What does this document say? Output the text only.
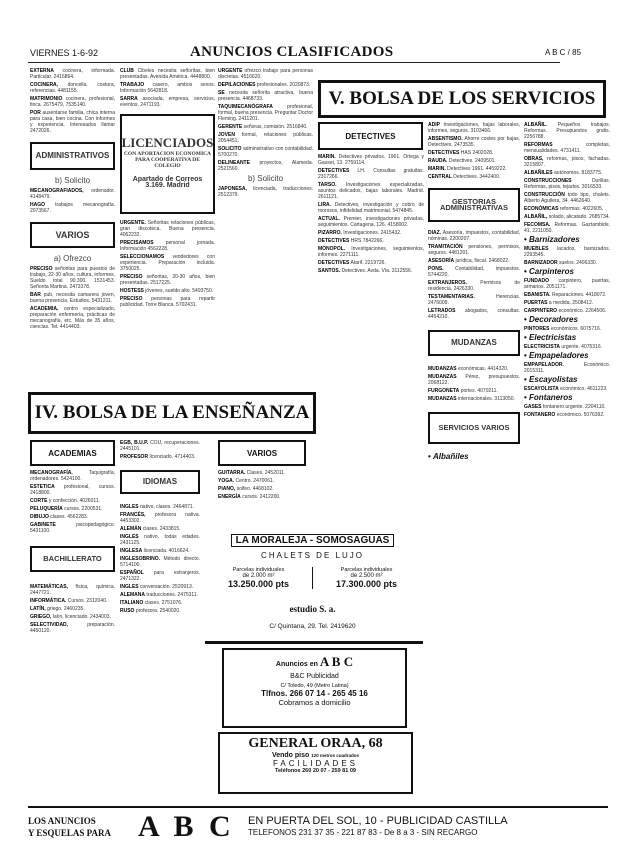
VIERNES 1-6-92	ANUNCIOS CLASIFICADOS	A B C / 85
EXTERNA cocinera, informada. Particular. 2416864.
COCINERA, doncella, costura, referencias. 4481155.
MATRIMONIO cocinera, profesional, finca. 2675479, 7535140.
POR ausentarse familia, chica interna para casa, bien cocina. Con informes y experiencia. Interesados llamar 2472026.
ADMINISTRATIVOS
b) Solicito
MECANOGRAFIADOS, ordenador. 4148479.
HAGO trabajos mecanografía. 2073567.
VARIOS
a) Ofrezco
PRECISO señoritas para puestos de trabajo, 22-30 años, cultura, informes. Sueldo total 90.300. 1531453. Señorita Martina. 2473378.
BAR pub, necesita camarera joven, buena presencia. Estudios. 5431211.
ACADEMIA, centro especializado, preparación enfermería, prácticas de mecanografía, etc. Más de 35 años, ciencias. Tel. 4414403.
CLUB Cibeles necesita señoritas, bien presentadas. Avenida América. 4448800.
TRABAJO casero, ambos sexos. Información 5642818.
SARRA asociada, empresa, servicios, eventos. 2471193.
LICENCIADOS
CON APORTACION ECONOMICA
PARA COOPERATIVA DE COLEGIO
Apartado de Correos
3.169. Madrid
URGENTE. Señoritas relaciones públicas, gran discoteca. Buena presencia. 4062232.
PRECISAMOS personal jornada. Información 4562228.
SELECCIONAMOS vendedores con experiencia. Preparación incluida. 3750025.
PRECISO señoritas, 20-30 años, bien presentadas. 2517225.
HOSTESS jóvenes, sueldo alto. 5493750.
PRECISO personas para repartir publicidad. Torre Blanca. 5702431.
URGENTE ofrezco trabajo para personas discretas. 4516620.
DEPILACIONES profesionales. 2020873.
SE necesita señorita atractiva, buena presencia. 4468733.
TAQUIMECANÓGRAFA	profesional, formal, buena presencia. Preguntar Doctor Fleming. 2411201.
GERENTE señoras, comisión. 2516840.
JOVEN formal, relaciones públicas. 2054451.
SOLICITO administrativo con contabilidad. 5700270.
DELINEANTE proyectos, Alameda. 2521560.
b) Solicito
JAPONESA, licenciada, traducciones. 2512379.
V. BOLSA DE LOS SERVICIOS
DETECTIVES
MARIN. Detectives privados. 1961. Ortega y Gasset, 13. 2759114.
DETECTIVES LH. Consultas gratuitas. 2317266.
TARSO. Investigaciones especializadas, asuntos delicados, bajas laborales. Madrid. 2611121.
LIRA. Detectives, investigación y cobro de morosos, infidelidad matrimonial. 5474845.
ACTUAL. Premier, investigaciones privadas, seguimientos. Cartagena, 126. 4158002.
PIZARRO. Investigaciones. 2415432.
DETECTIVES HRS 7842266.
MONOPOL. Investigaciones, seguimientos, informes. 2271111.
DETECTIVES Atarif. 2219726.
SANTOS. Detectives. Avda. Vía. 3112556.
ADIP Investigaciones, bajas laborales, informes, seguros. 3103466.
ABSENTISMO. Ahorre costes por bajas. Detectives. 2473535.
DETECTIVES HAS 2402028.
RAUDA. Detectives. 2409501.
MARIN. Detectives 1961. 4459222.
CENTRAL Detectives. 3442400.
GESTORIAS ADMINISTRATIVAS
DIAZ. Asesoría, impuestos, contabilidad, nóminas. 2200207.
TRAMITACIÓN pensiones, permisos, seguros. 4481201.
ASESORÍA jurídica, fiscal. 2468022.
PONS. Contabilidad, impuestos. 5744220.
EXTRANJEROS.	Permisos de residencia. 2426330.
TESTAMENTARIAS.	Herencias. 2476009.
LETRADOS abogados, consultas. 4454210.
MUDANZAS
MUDANZAS económicas. 4414320.
MUDANZAS Pérez, presupuestos. 2068122.
FURGONETA portes. 4070211.
MUDANZAS internacionales. 3113050.
SERVICIOS VARIOS
• Albañiles
ALBAÑIL. Pequeños trabajos. Reformas. Presupuestos gratis. 2256788.
REFORMAS	completas, mensualidades. 4731411.
OBRAS, reformas, pisos, fachadas. 3215807.
ALBAÑILES autónomos. 8183775.
CONSTRUCCIONES	Durillas. Reformas, pisos, tejados. 3016533.
CONSTRUCCIÓN todo tipo, chalets. Alberto Aguilera, 34. 4462640.
ECONÓMICAS reformas. 4022605.
ALBAÑIL, solado, alicatado. 2685734.
FECOMSA. Reformas. Gaztambide, 41. 2211050.
• Barnizadores
MUEBLES lacados, barnizados. 2293545.
BARNIZADOR suelos. 2406330.
• Carpinteros
FUNDADO carpintero, puertas, armarios. 2051171.
EBANISTA. Reparaciones. 4418072.
PUERTAS a medida. 2508412.
CARPINTERO económico. 2264506.
• Decoradores
PINTORES económicos. 6075716.
• Electricistas
ELECTRICISTA urgente. 4075316.
• Empapeladores
EMPAPELADOR.	Económico. 2015311.
• Escayolistas
ESCAYOLISTA económico. 4611223.
• Fontaneros
GASES fontanero urgente. 2204110.
FONTANERO económico. 5076392.
IV. BOLSA DE LA ENSEÑANZA
ACADEMIAS
MECANOGRAFÍA.	Taquigrafía, ordenadores. 5424100.
ESTETICA profesional, cursos. 2418800.
CORTE y confección. 4026011.
PELUQUERÍA cursos. 2200531.
DIBUJO clases. 4562283.
GABINETE	psicopedagógico. 5431100.
BACHILLERATO
MATEMÁTICAS, física, química. 2447721.
INFORMÁTICA. Cursos. 2312040.
LATÍN, griego. 2460235.
GRIEGO, latín, licenciado. 2434003.
SELECTIVIDAD,	preparación. 4450120.
EGB, B.U.P. COU, recuperaciones. 2445101.
PROFESOR licenciado. 4714403.
IDIOMAS
INGLES nativo, clases. 2464871.
FRANCÉS, profesora nativa. 4453302.
ALEMÁN clases. 2433815.
INGLES nativo, todas edades. 2431125.
INGLESA licenciada. 4016624.
INGLESOBRINO. Método directo. 5714100.
ESPAÑOL para extranjeros. 2471322.
INGLES conversación. 2520913.
ALEMANA traducciones. 2475311.
ITALIANO clases. 2751076.
RUSO profesora. 2540020.
VARIOS
GUITARRA. Clases. 2452011.
YOGA. Centro. 2470061.
PIANO, solfeo. 4468102.
ENERGÍA cursos. 2412200.
LA MORALEJA - SOMOSAGUAS
CHALETS DE LUJO
Parcelas individuales
de 2.000 m²
13.250.000 pts
Parcelas individuales
de 2.500 m²
17.300.000 pts
estudio S. a.
C/ Quintana, 29. Tel. 2419620
Anuncios en A B C
B&C Publicidad
C/ Toledo, 49 (Metro Latina)
Tlfnos. 266 07 14 - 265 45 16
Cobramos a domicilio
GENERAL ORAA, 68
Vendo piso 120 metros cuadrados
FACILIDADES
Teléfonos 260 20 07 - 259 81 09
LOS ANUNCIOS
Y ESQUELAS PARA A B C	EN PUERTA DEL SOL, 10 - PUBLICIDAD CASTILLA
TELEFONOS 231 37 35 - 221 87 83 - De 8 a 3 - SIN RECARGO
